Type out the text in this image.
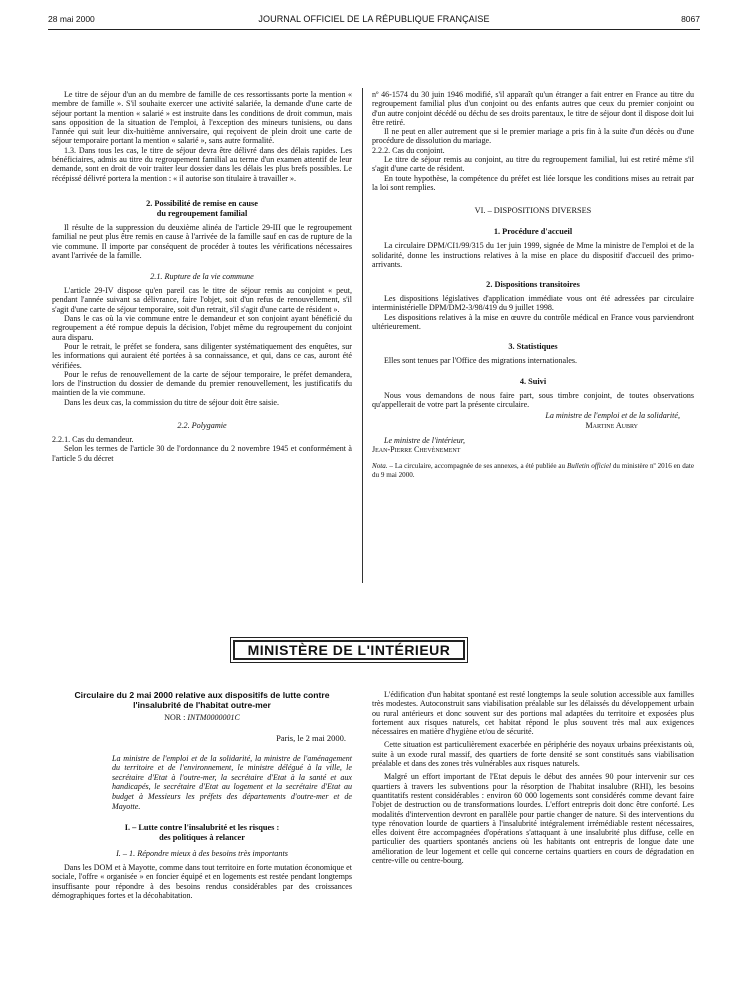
28 mai 2000	JOURNAL OFFICIEL DE LA RÉPUBLIQUE FRANÇAISE	8067

Le titre de séjour d'un an du membre de famille de ces ressortissants porte la mention « membre de famille ». S'il souhaite exercer une activité salariée, la demande d'une carte de séjour portant la mention « salarié » est instruite dans les conditions de droit commun, mais sans opposition de la situation de l'emploi, à l'exception des mineurs tunisiens, ou dans l'année qui suit leur dix-huitième anniversaire, qui reçoivent de plein droit une carte de séjour temporaire portant la mention « salarié », sans autre formalité.

1.3. Dans tous les cas, le titre de séjour devra être délivré dans des délais rapides. Les bénéficiaires, admis au titre du regroupement familial au terme d'un examen attentif de leur demande, sont en droit de voir traiter leur dossier dans les délais les plus brefs possibles. Le récépissé délivré portera la mention : « il autorise son titulaire à travailler ».

2. Possibilité de remise en cause
du regroupement familial

Il résulte de la suppression du deuxième alinéa de l'article 29-III que le regroupement familial ne peut plus être remis en cause à l'arrivée de la famille sauf en cas de rupture de la vie commune. Il importe par conséquent de procéder à toutes les vérifications nécessaires avant l'arrivée de la famille.

2.1. Rupture de la vie commune

L'article 29-IV dispose qu'en pareil cas le titre de séjour remis au conjoint « peut, pendant l'année suivant sa délivrance, faire l'objet, soit d'un refus de renouvellement, s'il s'agit d'une carte de séjour temporaire, soit d'un retrait, s'il s'agit d'une carte de résident ».

Dans le cas où la vie commune entre le demandeur et son conjoint ayant bénéficié du regroupement a été rompue depuis la décision, l'objet même du regroupement du conjoint aura disparu.

Pour le retrait, le préfet se fondera, sans diligenter systématiquement des enquêtes, sur les informations qui auraient été portées à sa connaissance, et qui, dans ce cas, auront été vérifiées.

Pour le refus de renouvellement de la carte de séjour temporaire, le préfet demandera, lors de l'instruction du dossier de demande du premier renouvellement, les justificatifs du maintien de la vie commune.

Dans les deux cas, la commission du titre de séjour doit être saisie.

2.2. Polygamie

2.2.1. Cas du demandeur.

Selon les termes de l'article 30 de l'ordonnance du 2 novembre 1945 et conformément à l'article 5 du décret

nº 46-1574 du 30 juin 1946 modifié, s'il apparaît qu'un étranger a fait entrer en France au titre du regroupement familial plus d'un conjoint ou des enfants autres que ceux du premier conjoint ou d'un autre conjoint décédé ou déchu de ses droits parentaux, le titre de séjour dont il dispose doit lui être retiré.

Il ne peut en aller autrement que si le premier mariage a pris fin à la suite d'un décès ou d'une procédure de dissolution du mariage.

2.2.2. Cas du conjoint.

Le titre de séjour remis au conjoint, au titre du regroupement familial, lui est retiré même s'il s'agit d'une carte de résident.

En toute hypothèse, la compétence du préfet est liée lorsque les conditions mises au retrait par la loi sont remplies.

VI. – DISPOSITIONS DIVERSES
1. Procédure d'accueil

La circulaire DPM/CI1/99/315 du 1er juin 1999, signée de Mme la ministre de l'emploi et de la solidarité, donne les instructions relatives à la mise en place du dispositif d'accueil des primo-arrivants.

2. Dispositions transitoires

Les dispositions législatives d'application immédiate vous ont été adressées par circulaire interministérielle DPM/DM2-3/98/419 du 9 juillet 1998.

Les dispositions relatives à la mise en œuvre du contrôle médical en France vous parviendront ultérieurement.

3. Statistiques

Elles sont tenues par l'Office des migrations internationales.

4. Suivi

Nous vous demandons de nous faire part, sous timbre conjoint, de toutes observations qu'appellerait de votre part la présente circulaire.

La ministre de l'emploi et de la solidarité,

Martine Aubry

Le ministre de l'intérieur,

Jean-Pierre Chevènement

Nota. – La circulaire, accompagnée de ses annexes, a été publiée au Bulletin officiel du ministère nº 2016 en date du 9 mai 2000.

MINISTÈRE DE L'INTÉRIEUR
Circulaire du 2 mai 2000 relative aux dispositifs de lutte contre l'insalubrité de l'habitat outre-mer
NOR : INTM0000001C
Paris, le 2 mai 2000.
La ministre de l'emploi et de la solidarité, la ministre de l'aménagement du territoire et de l'environnement, le ministre délégué à la ville, le secrétaire d'Etat à l'outre-mer, la secrétaire d'Etat à la santé et aux handicapés, le secrétaire d'Etat au logement et la secrétaire d'Etat au budget à Messieurs les préfets des départements d'outre-mer et de Mayotte.
I. – Lutte contre l'insalubrité et les risques :
des politiques à relancer
I. – 1. Répondre mieux à des besoins très importants

Dans les DOM et à Mayotte, comme dans tout territoire en forte mutation économique et sociale, l'offre « organisée » en foncier équipé et en logements est restée pendant longtemps insuffisante pour répondre à des besoins rendus considérables par des croissances démographiques fortes et la décohabitation.

L'édification d'un habitat spontané est resté longtemps la seule solution accessible aux familles très modestes. Autoconstruit sans viabilisation préalable sur les délaissés du développement urbain ou rural antérieurs et donc souvent sur des portions mal adaptées du territoire et exposées plus fortement aux risques naturels, cet habitat répond le plus souvent très mal aux exigences nécessaires en matière d'hygiène et/ou de sécurité.

Cette situation est particulièrement exacerbée en périphérie des noyaux urbains préexistants où, suite à un exode rural massif, des quartiers de forte densité se sont constitués sans viabilisation préalable et dans des zones très vulnérables aux risques naturels.

Malgré un effort important de l'Etat depuis le début des années 90 pour intervenir sur ces quartiers à travers les subventions pour la résorption de l'habitat insalubre (RHI), les besoins quantitatifs restent considérables : environ 60 000 logements sont considérés comme devant faire l'objet de destruction ou de transformations lourdes. L'effort entrepris doit donc être conforté. Les modalités d'intervention devront en parallèle pour partie changer de nature. Si des interventions du type rénovation lourde de quartiers à l'insalubrité intégralement irrémédiable restent nécessaires, elles doivent être accompagnées d'opérations s'attaquant à une insalubrité plus diffuse, celle en particulier des quartiers spontanés anciens où les habitants ont entrepris de longue date une amélioration de leur logement et celle qui concerne certains quartiers en cours de dégradation en centre-ville ou centre-bourg.
